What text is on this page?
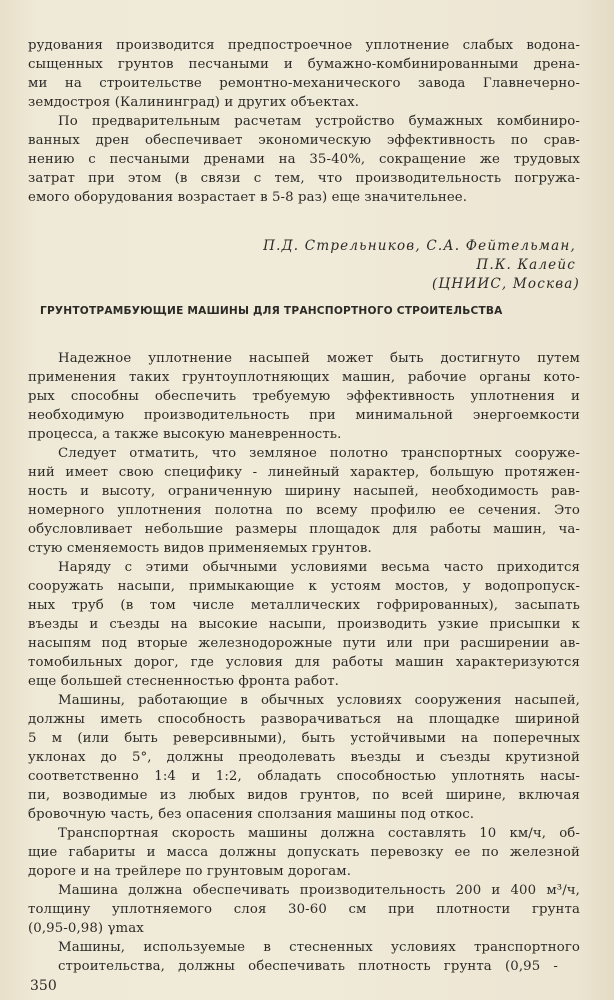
рудования производится предпостроечное уплотнение слабых водона-
сыщенных грунтов песчаными и бумажно-комбинированными дрена-
ми на строительстве ремонтно-механического завода Главнечерно-
земдостроя (Калининград) и других объектах.
По предварительным расчетам устройство бумажных комбиниро-
ванных дрен обеспечивает экономическую эффективность по срав-
нению с песчаными дренами на 35-40%, сокращение же трудовых
затрат при этом (в связи с тем, что производительность погружа-
емого оборудования возрастает в 5-8 раз) еще значительнее.
П.Д. Стрельников, С.А. Фейтельман,
П.К. Калейс
(ЦНИИС, Москва)
ГРУНТОТРАМБУЮЩИЕ МАШИНЫ ДЛЯ ТРАНСПОРТНОГО СТРОИТЕЛЬСТВА
Надежное уплотнение насыпей может быть достигнуто путем
применения таких грунтоуплотняющих машин, рабочие органы кото-
рых способны обеспечить требуемую эффективность уплотнения и
необходимую производительность при минимальной энергоемкости
процесса, а также высокую маневренность.
Следует отматить, что земляное полотно транспортных сооруже-
ний имеет свою специфику - линейный характер, большую протяжен-
ность и высоту, ограниченную ширину насыпей, необходимость рав-
номерного уплотнения полотна по всему профилю ее сечения. Это
обусловливает небольшие размеры площадок для работы машин, ча-
стую сменяемость видов применяемых грунтов.
Наряду с этими обычными условиями весьма часто приходится
сооружать насыпи, примыкающие к устоям мостов, у водопропуск-
ных труб (в том числе металлических гофрированных), засыпать
въезды и съезды на высокие насыпи, производить узкие присыпки к
насыпям под вторые железнодорожные пути или при расширении ав-
томобильных дорог, где условия для работы машин характеризуются
еще большей стесненностью фронта работ.
Машины, работающие в обычных условиях сооружения насыпей,
должны иметь способность разворачиваться на площадке шириной
5 м (или быть реверсивными), быть устойчивыми на поперечных
уклонах до 5°, должны преодолевать въезды и съезды крутизной
соответственно 1:4 и 1:2, обладать способностью уплотнять насы-
пи, возводимые из любых видов грунтов, по всей ширине, включая
бровочную часть, без опасения сползания машины под откос.
Транспортная скорость машины должна составлять 10 км/ч, об-
щие габариты и масса должны допускать перевозку ее по железной
дороге и на трейлере по грунтовым дорогам.
Машина должна обеспечивать производительность 200 и 400 м³/ч,
толщину уплотняемого слоя 30-60 см при плотности грунта
(0,95-0,98) γmax
Машины, используемые в стесненных условиях транспортного
строительства, должны обеспечивать плотность грунта (0,95 -
350
